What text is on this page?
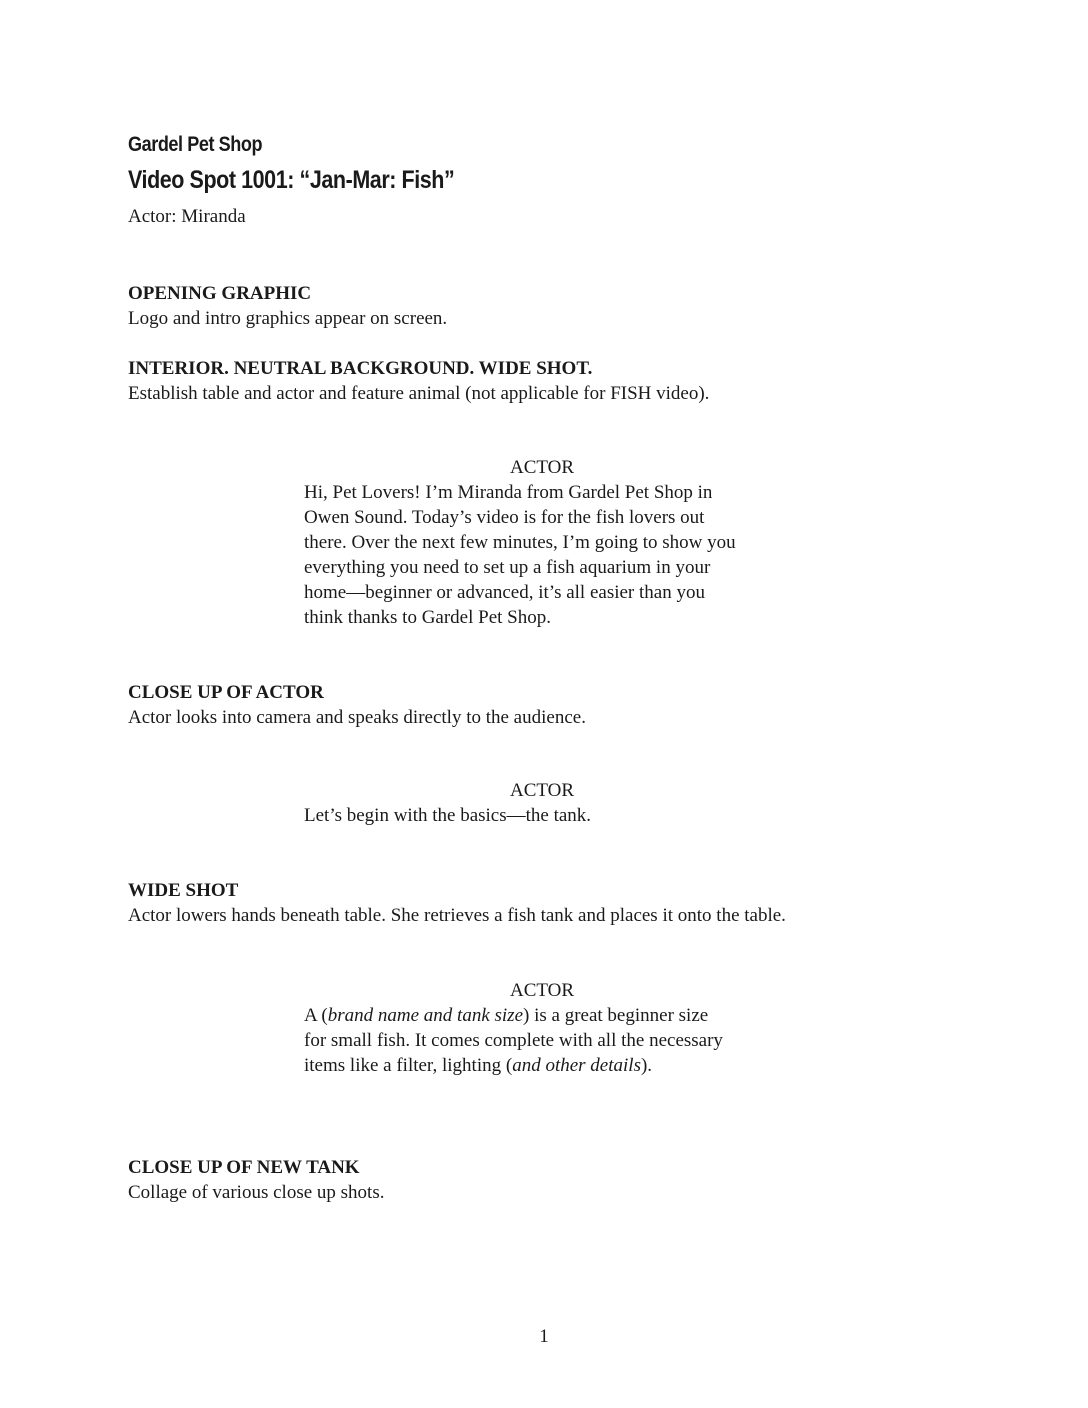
Gardel Pet Shop
Video Spot 1001: “Jan-Mar: Fish”
Actor: Miranda
OPENING GRAPHIC
Logo and intro graphics appear on screen.
INTERIOR. NEUTRAL BACKGROUND. WIDE SHOT.
Establish table and actor and feature animal (not applicable for FISH video).
ACTOR
Hi, Pet Lovers! I’m Miranda from Gardel Pet Shop in
Owen Sound. Today’s video is for the fish lovers out
there. Over the next few minutes, I’m going to show you
everything you need to set up a fish aquarium in your
home—beginner or advanced, it’s all easier than you
think thanks to Gardel Pet Shop.
CLOSE UP OF ACTOR
Actor looks into camera and speaks directly to the audience.
ACTOR
Let’s begin with the basics—the tank.
WIDE SHOT
Actor lowers hands beneath table. She retrieves a fish tank and places it onto the table.
ACTOR
A (brand name and tank size) is a great beginner size
for small fish. It comes complete with all the necessary
items like a filter, lighting (and other details).
CLOSE UP OF NEW TANK
Collage of various close up shots.
1
